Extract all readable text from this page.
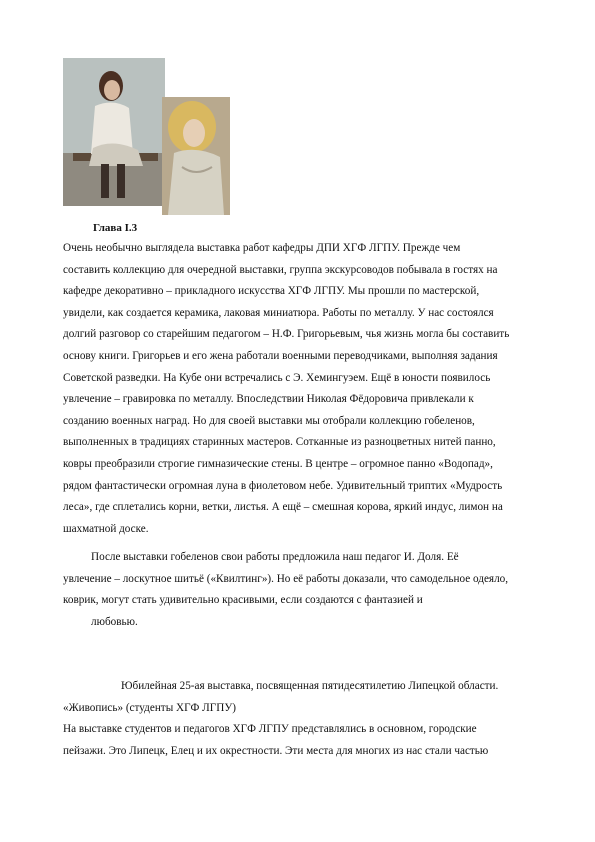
Глава I.3
Очень необычно выглядела выставка работ кафедры ДПИ ХГФ ЛГПУ. Прежде чем
составить коллекцию для очередной выставки, группа экскурсоводов побывала в гостях на
кафедре декоративно – прикладного искусства ХГФ ЛГПУ. Мы прошли по мастерской,
увидели, как создается керамика, лаковая миниатюра. Работы по металлу. У нас состоялся
долгий разговор со старейшим педагогом – Н.Ф. Григорьевым, чья жизнь могла бы составить
основу книги. Григорьев и его жена работали военными переводчиками, выполняя задания
Советской разведки. На Кубе они встречались с Э. Хемингуэем. Ещё в юности появилось
увлечение – гравировка по металлу. Впоследствии Николая Фёдоровича привлекали к
созданию военных наград. Но для своей выставки мы отобрали коллекцию гобеленов,
выполненных в традициях старинных мастеров. Сотканные из разноцветных нитей панно,
ковры преобразили строгие гимназические стены. В центре – огромное панно «Водопад»,
рядом фантастически огромная луна в фиолетовом небе. Удивительный триптих «Мудрость
леса», где сплетались корни, ветки, листья. А ещё – смешная корова, яркий индус, лимон на
шахматной доске.
После выставки гобеленов свои работы предложила наш педагог И. Доля. Её
увлечение – лоскутное шитьё («Квилтинг»). Но её работы доказали, что самодельное одеяло,
коврик, могут стать удивительно красивыми, если создаются с фантазией и
любовью.
Юбилейная 25-ая выставка, посвященная пятидесятилетию Липецкой области.
«Живопись» (студенты ХГФ ЛГПУ)
На выставке студентов и педагогов ХГФ ЛГПУ представлялись в основном, городские
пейзажи. Это Липецк, Елец и их окрестности. Эти места для многих из нас стали частью
